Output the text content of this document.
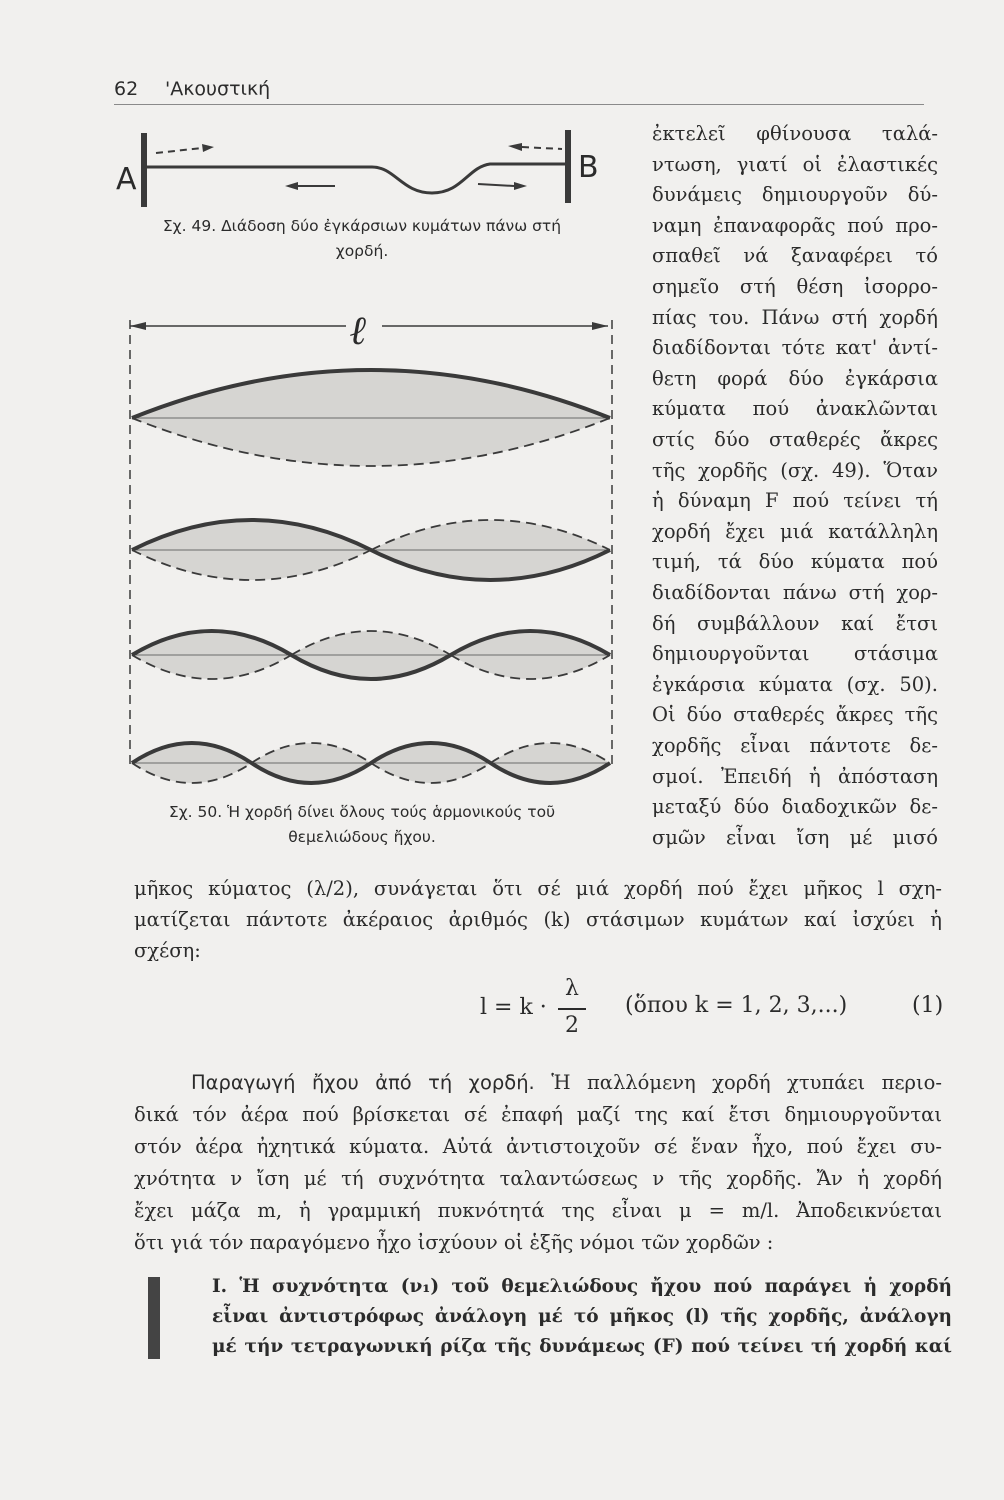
62 'Ακουστική
A	B
Σχ. 49. Διάδοση δύο ἐγκάρσιων κυμάτων πάνω στή
χορδή.
ℓ
Σχ. 50. Ἡ χορδή δίνει ὅλους τούς ἁρμονικούς τοῦ
θεμελιώδους ἤχου.
ἐκτελεῖ φθίνουσα ταλά-
ντωση, γιατί οἱ ἐλαστικές
δυνάμεις δημιουργοῦν δύ-
ναμη ἐπαναφορᾶς πού προ-
σπαθεῖ νά ξαναφέρει τό
σημεῖο στή θέση ἰσορρο-
πίας του. Πάνω στή χορδή
διαδίδονται τότε κατ' ἀντί-
θετη φορά δύο ἐγκάρσια
κύματα πού ἀνακλῶνται
στίς δύο σταθερές ἄκρες
τῆς χορδῆς (σχ. 49). Ὅταν
ἡ δύναμη F πού τείνει τή
χορδή ἔχει μιά κατάλληλη
τιμή, τά δύο κύματα πού
διαδίδονται πάνω στή χορ-
δή συμβάλλουν καί ἔτσι
δημιουργοῦνται στάσιμα
ἐγκάρσια κύματα (σχ. 50).
Οἱ δύο σταθερές ἄκρες τῆς
χορδῆς εἶναι πάντοτε δε-
σμοί. Ἐπειδή ἡ ἀπόσταση
μεταξύ δύο διαδοχικῶν δε-
σμῶν εἶναι ἴση μέ μισό
μῆκος κύματος (λ/2), συνάγεται ὅτι σέ μιά χορδή πού ἔχει μῆκος l σχη-
ματίζεται πάντοτε ἀκέραιος ἀριθμός (k) στάσιμων κυμάτων καί ἰσχύει ἡ
σχέση:
l = k ·
λ
2
(ὅπου k = 1, 2, 3,...)	(1)
Παραγωγή ἤχου ἀπό τή χορδή. Ἡ παλλόμενη χορδή χτυπάει περιο-
δικά τόν ἀέρα πού βρίσκεται σέ ἐπαφή μαζί της καί ἔτσι δημιουργοῦνται
στόν ἀέρα ἠχητικά κύματα. Αὐτά ἀντιστοιχοῦν σέ ἕναν ἦχο, πού ἔχει συ-
χνότητα ν ἴση μέ τή συχνότητα ταλαντώσεως ν τῆς χορδῆς. Ἄν ἡ χορδή
ἔχει μάζα m, ἡ γραμμική πυκνότητά της εἶναι μ = m/l. Ἀποδεικνύεται
ὅτι γιά τόν παραγόμενο ἦχο ἰσχύουν οἱ ἑξῆς νόμοι τῶν χορδῶν :
I. Ἡ συχνότητα (ν₁) τοῦ θεμελιώδους ἤχου πού παράγει ἡ χορδή
εἶναι ἀντιστρόφως ἀνάλογη μέ τό μῆκος (l) τῆς χορδῆς, ἀνάλογη
μέ τήν τετραγωνική ρίζα τῆς δυνάμεως (F) πού τείνει τή χορδή καί
